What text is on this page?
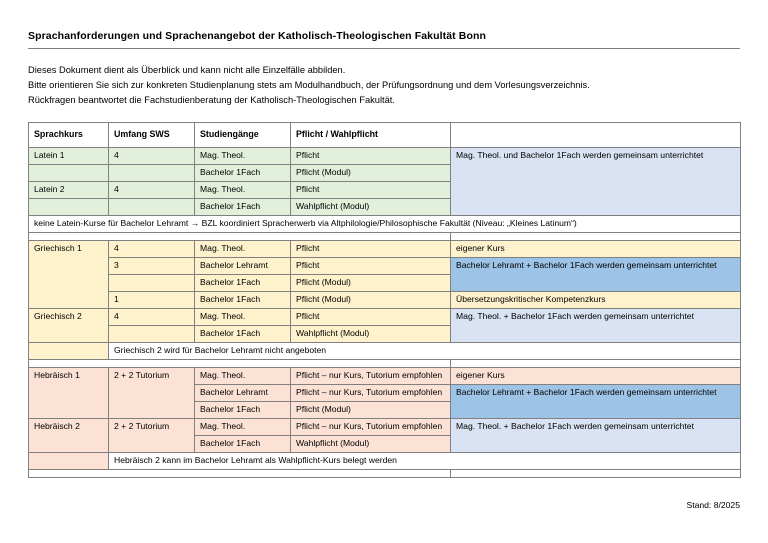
Sprachanforderungen und Sprachenangebot der Katholisch-Theologischen Fakultät Bonn
Dieses Dokument dient als Überblick und kann nicht alle Einzelfälle abbilden.
Bitte orientieren Sie sich zur konkreten Studienplanung stets am Modulhandbuch, der Prüfungsordnung und dem Vorlesungsverzeichnis.
Rückfragen beantwortet die Fachstudienberatung der Katholisch-Theologischen Fakultät.
Sprachkurs	Umfang SWS	Studiengänge	Pflicht / Wahlpflicht	
Latein 1	4	Mag. Theol.	Pflicht	Mag. Theol. und Bachelor 1Fach werden gemeinsam unterrichtet
		Bachelor 1Fach	Pflicht (Modul)	
Latein 2	4	Mag. Theol.	Pflicht	
		Bachelor 1Fach	Wahlpflicht (Modul)	
keine Latein-Kurse für Bachelor Lehramt → BZL koordiniert Spracherwerb via Altphilologie/Philosophische Fakultät (Niveau: „Kleines Latinum“)				

Griechisch 1	4	Mag. Theol.	Pflicht	eigener Kurs
	3	Bachelor Lehramt	Pflicht	Bachelor Lehramt + Bachelor 1Fach werden gemeinsam unterrichtet
		Bachelor 1Fach	Pflicht (Modul)	
	1	Bachelor 1Fach	Pflicht (Modul)	Übersetzungskritischer Kompetenzkurs
Griechisch 2	4	Mag. Theol.	Pflicht	Mag. Theol. + Bachelor 1Fach werden gemeinsam unterrichtet
		Bachelor 1Fach	Wahlpflicht (Modul)	
	Griechisch 2 wird für Bachelor Lehramt nicht angeboten			

Hebräisch 1	2 + 2 Tutorium	Mag. Theol.	Pflicht – nur Kurs, Tutorium empfohlen	eigener Kurs
		Bachelor Lehramt	Pflicht – nur Kurs, Tutorium empfohlen	Bachelor Lehramt + Bachelor 1Fach werden gemeinsam unterrichtet
		Bachelor 1Fach	Pflicht (Modul)	
Hebräisch 2	2 + 2 Tutorium	Mag. Theol.	Pflicht – nur Kurs, Tutorium empfohlen	Mag. Theol. + Bachelor 1Fach werden gemeinsam unterrichtet
		Bachelor 1Fach	Wahlpflicht (Modul)	
	Hebräisch 2 kann im Bachelor Lehramt als Wahlpflicht-Kurs belegt werden			

Stand: 8/2025
